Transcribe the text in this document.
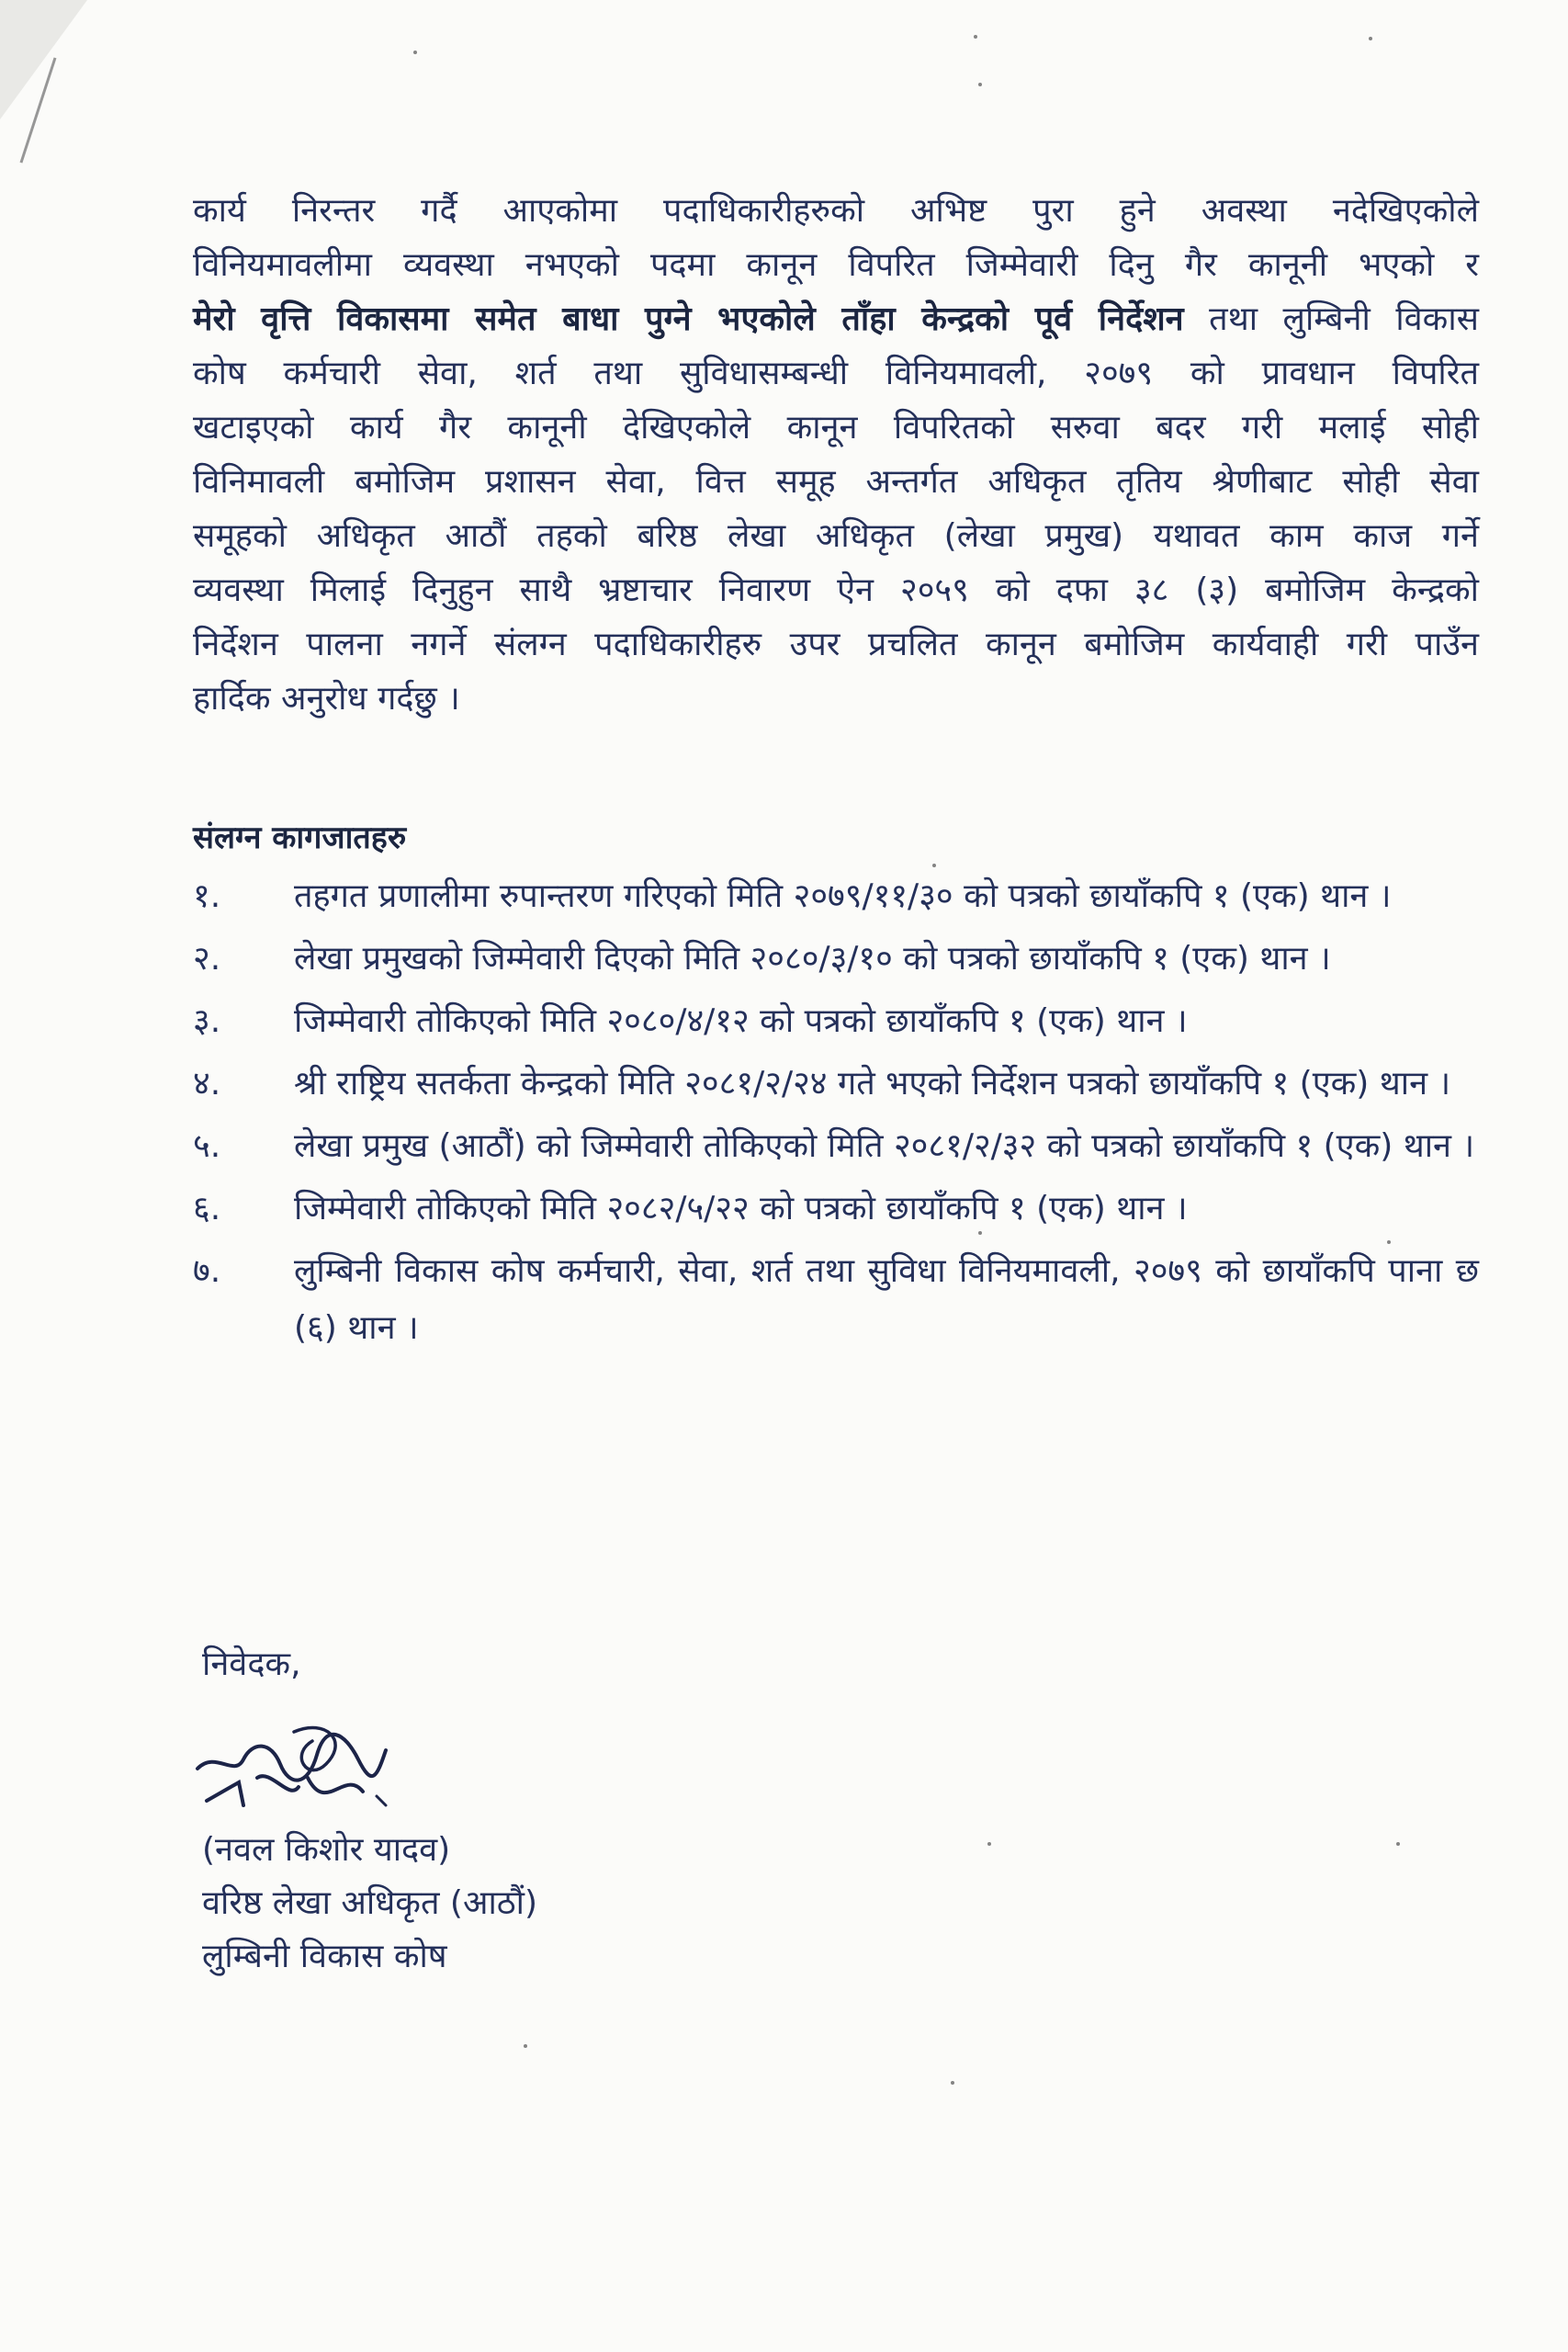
कार्य निरन्तर गर्दै आएकोमा पदाधिकारीहरुको अभिष्ट पुरा हुने अवस्था नदेखिएकोले
विनियमावलीमा व्यवस्था नभएको पदमा कानून विपरित जिम्मेवारी दिनु गैर कानूनी भएको र
मेरो वृत्ति विकासमा समेत बाधा पुग्ने भएकोले ताँहा केन्द्रको पूर्व निर्देशन तथा लुम्बिनी विकास
कोष कर्मचारी सेवा, शर्त तथा सुविधासम्बन्धी विनियमावली, २०७९ को प्रावधान विपरित
खटाइएको कार्य गैर कानूनी देखिएकोले कानून विपरितको सरुवा बदर गरी मलाई सोही
विनिमावली बमोजिम प्रशासन सेवा, वित्त समूह अन्तर्गत अधिकृत तृतिय श्रेणीबाट सोही सेवा
समूहको अधिकृत आठौं तहको बरिष्ठ लेखा अधिकृत (लेखा प्रमुख) यथावत काम काज गर्ने
व्यवस्था मिलाई दिनुहुन साथै भ्रष्टाचार निवारण ऐन २०५९ को दफा ३८ (३) बमोजिम केन्द्रको
निर्देशन पालना नगर्ने संलग्न पदाधिकारीहरु उपर प्रचलित कानून बमोजिम कार्यवाही गरी पाउँन
हार्दिक अनुरोध गर्दछु ।
संलग्न कागजातहरु
१.	तहगत प्रणालीमा रुपान्तरण गरिएको मिति २०७९/११/३० को पत्रको छायाँकपि १ (एक) थान ।
२.	लेखा प्रमुखको जिम्मेवारी दिएको मिति २०८०/३/१० को पत्रको छायाँकपि १ (एक) थान ।
३.	जिम्मेवारी तोकिएको मिति २०८०/४/१२ को पत्रको छायाँकपि १ (एक) थान ।
४.	श्री राष्ट्रिय सतर्कता केन्द्रको मिति २०८१/२/२४ गते भएको निर्देशन पत्रको छायाँकपि १ (एक) थान ।
५.	लेखा प्रमुख (आठौं) को जिम्मेवारी तोकिएको मिति २०८१/२/३२ को पत्रको छायाँकपि १ (एक) थान ।
६.	जिम्मेवारी तोकिएको मिति २०८२/५/२२ को पत्रको छायाँकपि १ (एक) थान ।
७.	लुम्बिनी विकास कोष कर्मचारी, सेवा, शर्त तथा सुविधा विनियमावली, २०७९ को छायाँकपि पाना छ (६) थान ।
निवेदक,
(नवल किशोर यादव)
वरिष्ठ लेखा अधिकृत (आठौं)
लुम्बिनी विकास कोष
